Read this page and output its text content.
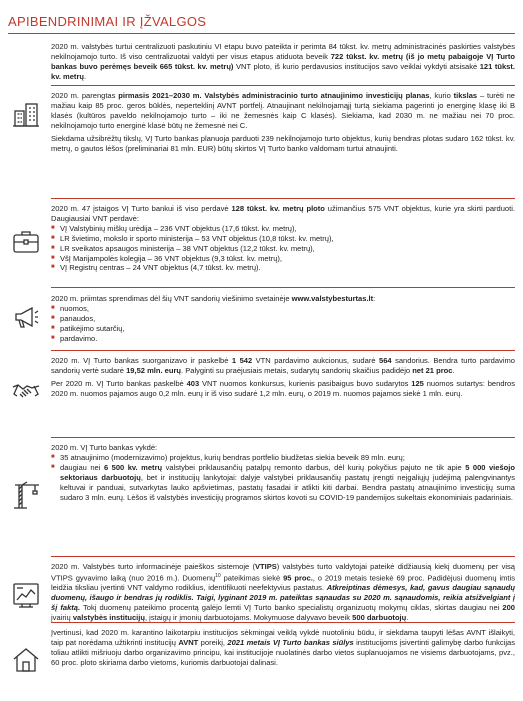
APIBENDRINIMAI IR ĮŽVALGOS

2020 m. valstybės turtui centralizuoti paskutiniu VI etapu buvo pateikta ir perimta 84 tūkst. kv. metrų administracinės paskirties valstybės nekilnojamojo turto. Iš viso centralizuotai valdyti per visus etapus atiduota beveik 722 tūkst. kv. metrų (iš jo metų pabaigoje VĮ Turto bankas buvo perėmęs beveik 665 tūkst. kv. metrų) VNT ploto, iš kurio perdavusios institucijos savo veiklai vykdyti atsisakė 121 tūkst. kv. metrų.

2020 m. parengtas pirmasis 2021–2030 m. Valstybės administracinio turto atnaujinimo investicijų planas, kurio tikslas – turėti ne mažiau kaip 85 proc. geros būklės, neperteklinį AVNT portfelį. Atnaujinant nekilnojamąjį turtą siekiama pagerinti jo energinę klasę iki B klasės (kultūros paveldo nekilnojamojo turto – iki ne žemesnės kaip C klasės). Siekiama, kad 2030 m. ne mažiau nei 70 proc. nekilnojamojo turto energinė klasė būtų ne žemesnė nei C.

Siekdama užsibrėžtų tikslų, VĮ Turto bankas planuoja parduoti 239 nekilnojamojo turto objektus, kurių bendras plotas sudaro 162 tūkst. kv. metrų, o gautos lėšos (preliminariai 81 mln. EUR) būtų skirtos VĮ Turto banko valdomam turtui atnaujinti.

2020 m. 47 įstaigos VĮ Turto bankui iš viso perdavė 128 tūkst. kv. metrų ploto užimančius 575 VNT objektus, kurie yra skirti parduoti. Daugiausiai VNT perdavė:

■ VĮ Valstybinių miškų urėdija – 236 VNT objektus (17,6 tūkst. kv. metrų),
■ LR švietimo, mokslo ir sporto ministerija – 53 VNT objektus (10,8 tūkst. kv. metrų),
■ LR sveikatos apsaugos ministerija – 38 VNT objektus (12,2 tūkst. kv. metrų),
■ VšĮ Marijampolės kolegija – 36 VNT objektus (9,3 tūkst. kv. metrų),
■ VĮ Registrų centras – 24 VNT objektus (4,7 tūkst. kv. metrų).

2020 m. priimtas sprendimas dėl šių VNT sandorių viešinimo svetainėje www.valstybesturtas.lt:

■ nuomos,
■ panaudos,
■ patikėjimo sutarčių,
■ pardavimo.

2020 m. VĮ Turto bankas suorganizavo ir paskelbė 1 542 VTN pardavimo aukcionus, sudarė 564 sandorius. Bendra turto pardavimo sandorių vertė sudarė 19,52 mln. eurų. Palyginti su praėjusiais metais, sudarytų sandorių skaičius padidėjo net 21 proc.

Per 2020 m. VĮ Turto bankas paskelbė 403 VNT nuomos konkursus, kurienis pasibaigus buvo sudarytos 125 nuomos sutartys: bendros 2020 m. nuomos pajamos augo 0,2 mln. eurų ir iš viso sudarė 1,2 mln. eurų, o 2019 m. nuomos pajamos siekė 1 mln. eurų.

2020 m. VĮ Turto bankas vykdė:

■ 35 atnaujinimo (modernizavimo) projektus, kurių bendras portfelio biudžetas siekia beveik 89 mln. eurų;
■ daugiau nei 6 500 kv. metrų valstybei priklausančių patalpų remonto darbus, dėl kurių pokyčius pajuto ne tik apie 5 000 viešojo sektoriaus darbuotojų, bet ir institucijų lankytojai: dalyje valstybei priklausančių pastatų įrengti neįgaliųjų judėjimą palengvinantys keltuvai ir panduai, sutvarkytas lauko apšvietimas, pastatų fasadai ir atlikti kiti darbai. Bendra pastatų atnaujinimo investicijų suma sudaro 3 mln. eurų. Lėšos iš valstybės investicijų programos skirtos kovoti su COVID-19 pandemijos sukeltais ekonominiais padariniais.

2020 m. Valstybės turto informacinėje paieškos sistemoje (VTIPS) valstybės turto valdytojai pateikė didžiausią kiekį duomenų per visą VTIPS gyvavimo laiką (nuo 2016 m.). Duomenų$^{10}$ pateikimas siekė 95 proc., o 2019 metais tesiekė 69 proc. Padidėjusi duomenų imtis leidžia tiksliau įvertinti VNT valdymo rodiklius, identifikuoti neefektyvius pastatus. Atkreiptinas dėmesys, kad, gavus daugiau sąnaudų duomenų, išaugo ir bendras jų rodiklis. Taigi, lyginant 2019 m. pateiktas sąnaudas su 2020 m. sąnaudomis, reikia atsižvelgiant į šį faktą. Tokį duomenų pateikimo procentą galėjo lemti VĮ Turto banko specialistų organizuotų mokymų ciklas, skirtas daugiau nei 200 įvairių valstybės institucijų, įstaigų ir įmonių darbuotojams. Mokymuose dalyvavo beveik 500 darbuotojų.

Įvertinusi, kad 2020 m. karantino laikotarpiu institucijos sėkmingai veiklą vykdė nuotoliniu būdu, ir siekdama taupyti lėšas AVNT išlaikyti, taip pat norėdama užtikrinti institucijų AVNT poreikį, 2021 metais VĮ Turto bankas siūlys institucijoms įsivertinti galimybę darbo funkcijas toliau atlikti mišriuoju darbo organizavimo principu, kai institucijoje nuolatinės darbo vietos suplanuojamos ne visiems darbuotojams, pvz., 60 proc. ploto skiriama darbo vietoms, kuriomis darbuotojai dalinasi.
